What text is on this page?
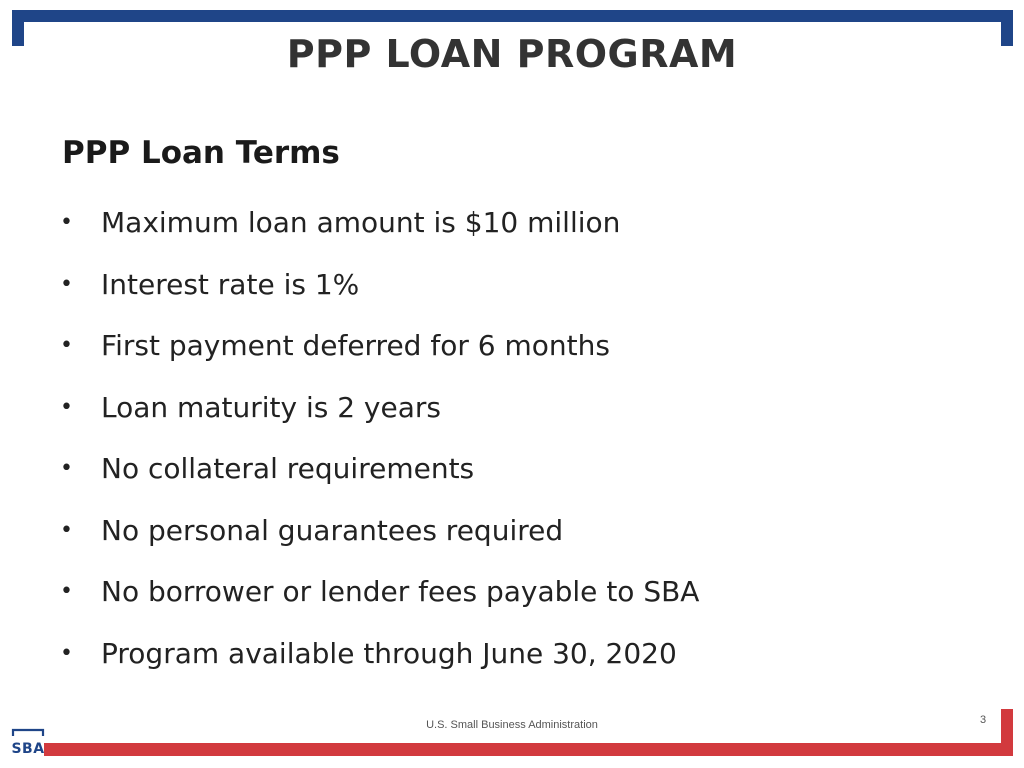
PPP LOAN PROGRAM
PPP Loan Terms
•	Maximum loan amount is $10 million
•	Interest rate is 1%
•	First payment deferred for 6 months
•	Loan maturity is 2 years
•	No collateral requirements
•	No personal guarantees required
•	No borrower or lender fees payable to SBA
•	Program available through June 30, 2020
U.S. Small Business Administration	3
SBA
